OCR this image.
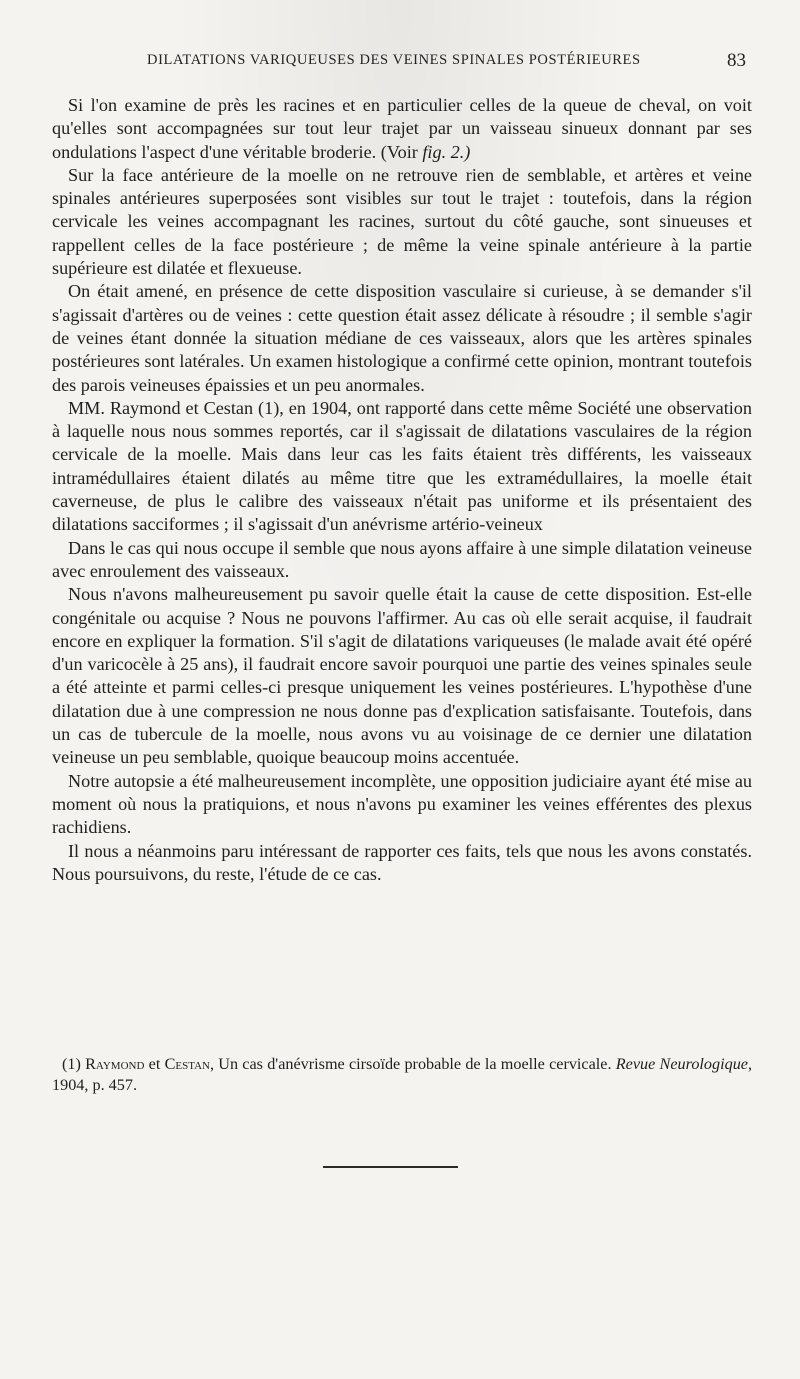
DILATATIONS VARIQUEUSES DES VEINES SPINALES POSTÉRIEURES	83

Si l'on examine de près les racines et en particulier celles de la queue de cheval, on voit qu'elles sont accompagnées sur tout leur trajet par un vaisseau sinueux donnant par ses ondulations l'aspect d'une véritable broderie. (Voir fig. 2.)

Sur la face antérieure de la moelle on ne retrouve rien de semblable, et artères et veine spinales antérieures superposées sont visibles sur tout le trajet : toutefois, dans la région cervicale les veines accompagnant les racines, surtout du côté gauche, sont sinueuses et rappellent celles de la face postérieure ; de même la veine spinale antérieure à la partie supérieure est dilatée et flexueuse.

On était amené, en présence de cette disposition vasculaire si curieuse, à se demander s'il s'agissait d'artères ou de veines : cette question était assez délicate à résoudre ; il semble s'agir de veines étant donnée la situation médiane de ces vaisseaux, alors que les artères spinales postérieures sont latérales. Un examen histologique a confirmé cette opinion, montrant toutefois des parois veineuses épaissies et un peu anormales.

MM. Raymond et Cestan (1), en 1904, ont rapporté dans cette même Société une observation à laquelle nous nous sommes reportés, car il s'agissait de dilatations vasculaires de la région cervicale de la moelle. Mais dans leur cas les faits étaient très différents, les vaisseaux intramédullaires étaient dilatés au même titre que les extramédullaires, la moelle était caverneuse, de plus le calibre des vaisseaux n'était pas uniforme et ils présentaient des dilatations sacciformes ; il s'agissait d'un anévrisme artério-veineux

Dans le cas qui nous occupe il semble que nous ayons affaire à une simple dilatation veineuse avec enroulement des vaisseaux.

Nous n'avons malheureusement pu savoir quelle était la cause de cette disposition. Est-elle congénitale ou acquise ? Nous ne pouvons l'affirmer. Au cas où elle serait acquise, il faudrait encore en expliquer la formation. S'il s'agit de dilatations variqueuses (le malade avait été opéré d'un varicocèle à 25 ans), il faudrait encore savoir pourquoi une partie des veines spinales seule a été atteinte et parmi celles-ci presque uniquement les veines postérieures. L'hypothèse d'une dilatation due à une compression ne nous donne pas d'explication satisfaisante. Toutefois, dans un cas de tubercule de la moelle, nous avons vu au voisinage de ce dernier une dilatation veineuse un peu semblable, quoique beaucoup moins accentuée.

Notre autopsie a été malheureusement incomplète, une opposition judiciaire ayant été mise au moment où nous la pratiquions, et nous n'avons pu examiner les veines efférentes des plexus rachidiens.

Il nous a néanmoins paru intéressant de rapporter ces faits, tels que nous les avons constatés. Nous poursuivons, du reste, l'étude de ce cas.

(1) Raymond et Cestan, Un cas d'anévrisme cirsoïde probable de la moelle cervicale. Revue Neurologique, 1904, p. 457.
